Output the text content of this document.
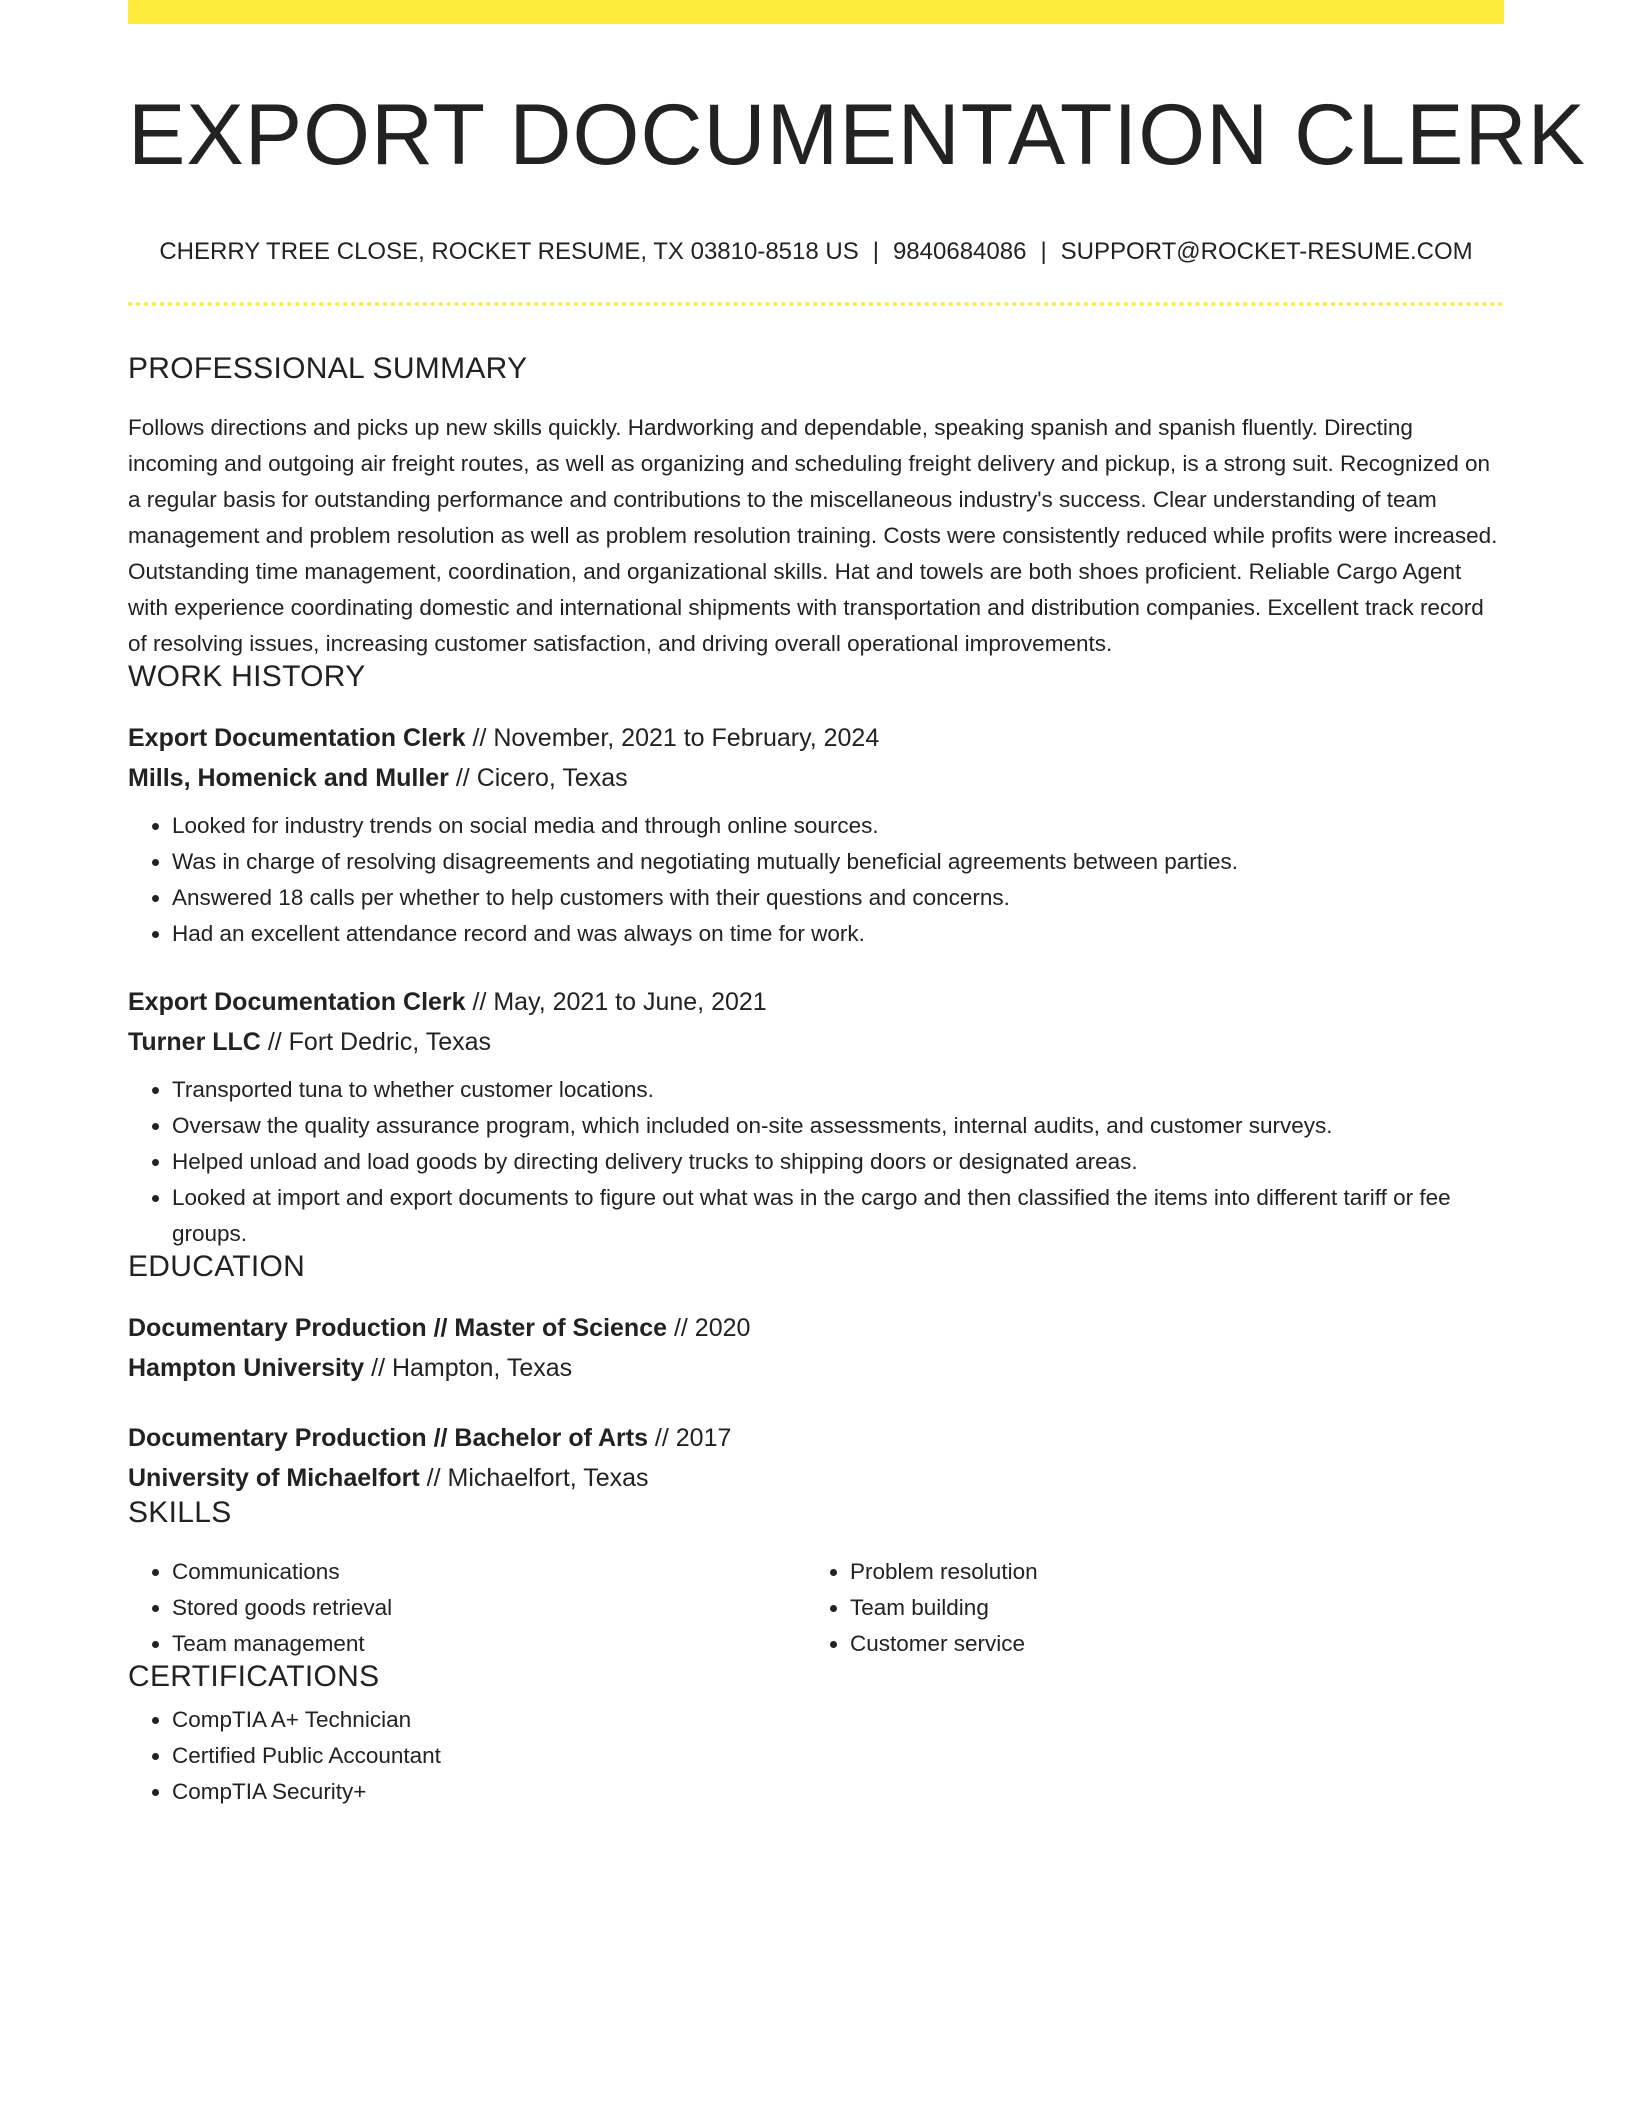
EXPORT DOCUMENTATION CLERK
CHERRY TREE CLOSE, ROCKET RESUME, TX 03810-8518 US | 9840684086 | SUPPORT@ROCKET-RESUME.COM
PROFESSIONAL SUMMARY
Follows directions and picks up new skills quickly. Hardworking and dependable, speaking spanish and spanish fluently. Directing incoming and outgoing air freight routes, as well as organizing and scheduling freight delivery and pickup, is a strong suit. Recognized on a regular basis for outstanding performance and contributions to the miscellaneous industry's success. Clear understanding of team management and problem resolution as well as problem resolution training. Costs were consistently reduced while profits were increased. Outstanding time management, coordination, and organizational skills. Hat and towels are both shoes proficient. Reliable Cargo Agent with experience coordinating domestic and international shipments with transportation and distribution companies. Excellent track record of resolving issues, increasing customer satisfaction, and driving overall operational improvements.
WORK HISTORY
Export Documentation Clerk // November, 2021 to February, 2024
Mills, Homenick and Muller // Cicero, Texas
• Looked for industry trends on social media and through online sources.
• Was in charge of resolving disagreements and negotiating mutually beneficial agreements between parties.
• Answered 18 calls per whether to help customers with their questions and concerns.
• Had an excellent attendance record and was always on time for work.
Export Documentation Clerk // May, 2021 to June, 2021
Turner LLC // Fort Dedric, Texas
• Transported tuna to whether customer locations.
• Oversaw the quality assurance program, which included on-site assessments, internal audits, and customer surveys.
• Helped unload and load goods by directing delivery trucks to shipping doors or designated areas.
• Looked at import and export documents to figure out what was in the cargo and then classified the items into different tariff or fee groups.
EDUCATION
Documentary Production // Master of Science // 2020
Hampton University // Hampton, Texas
Documentary Production // Bachelor of Arts // 2017
University of Michaelfort // Michaelfort, Texas
SKILLS
• Communications
• Stored goods retrieval
• Team management
• Problem resolution
• Team building
• Customer service
CERTIFICATIONS
• CompTIA A+ Technician
• Certified Public Accountant
• CompTIA Security+
